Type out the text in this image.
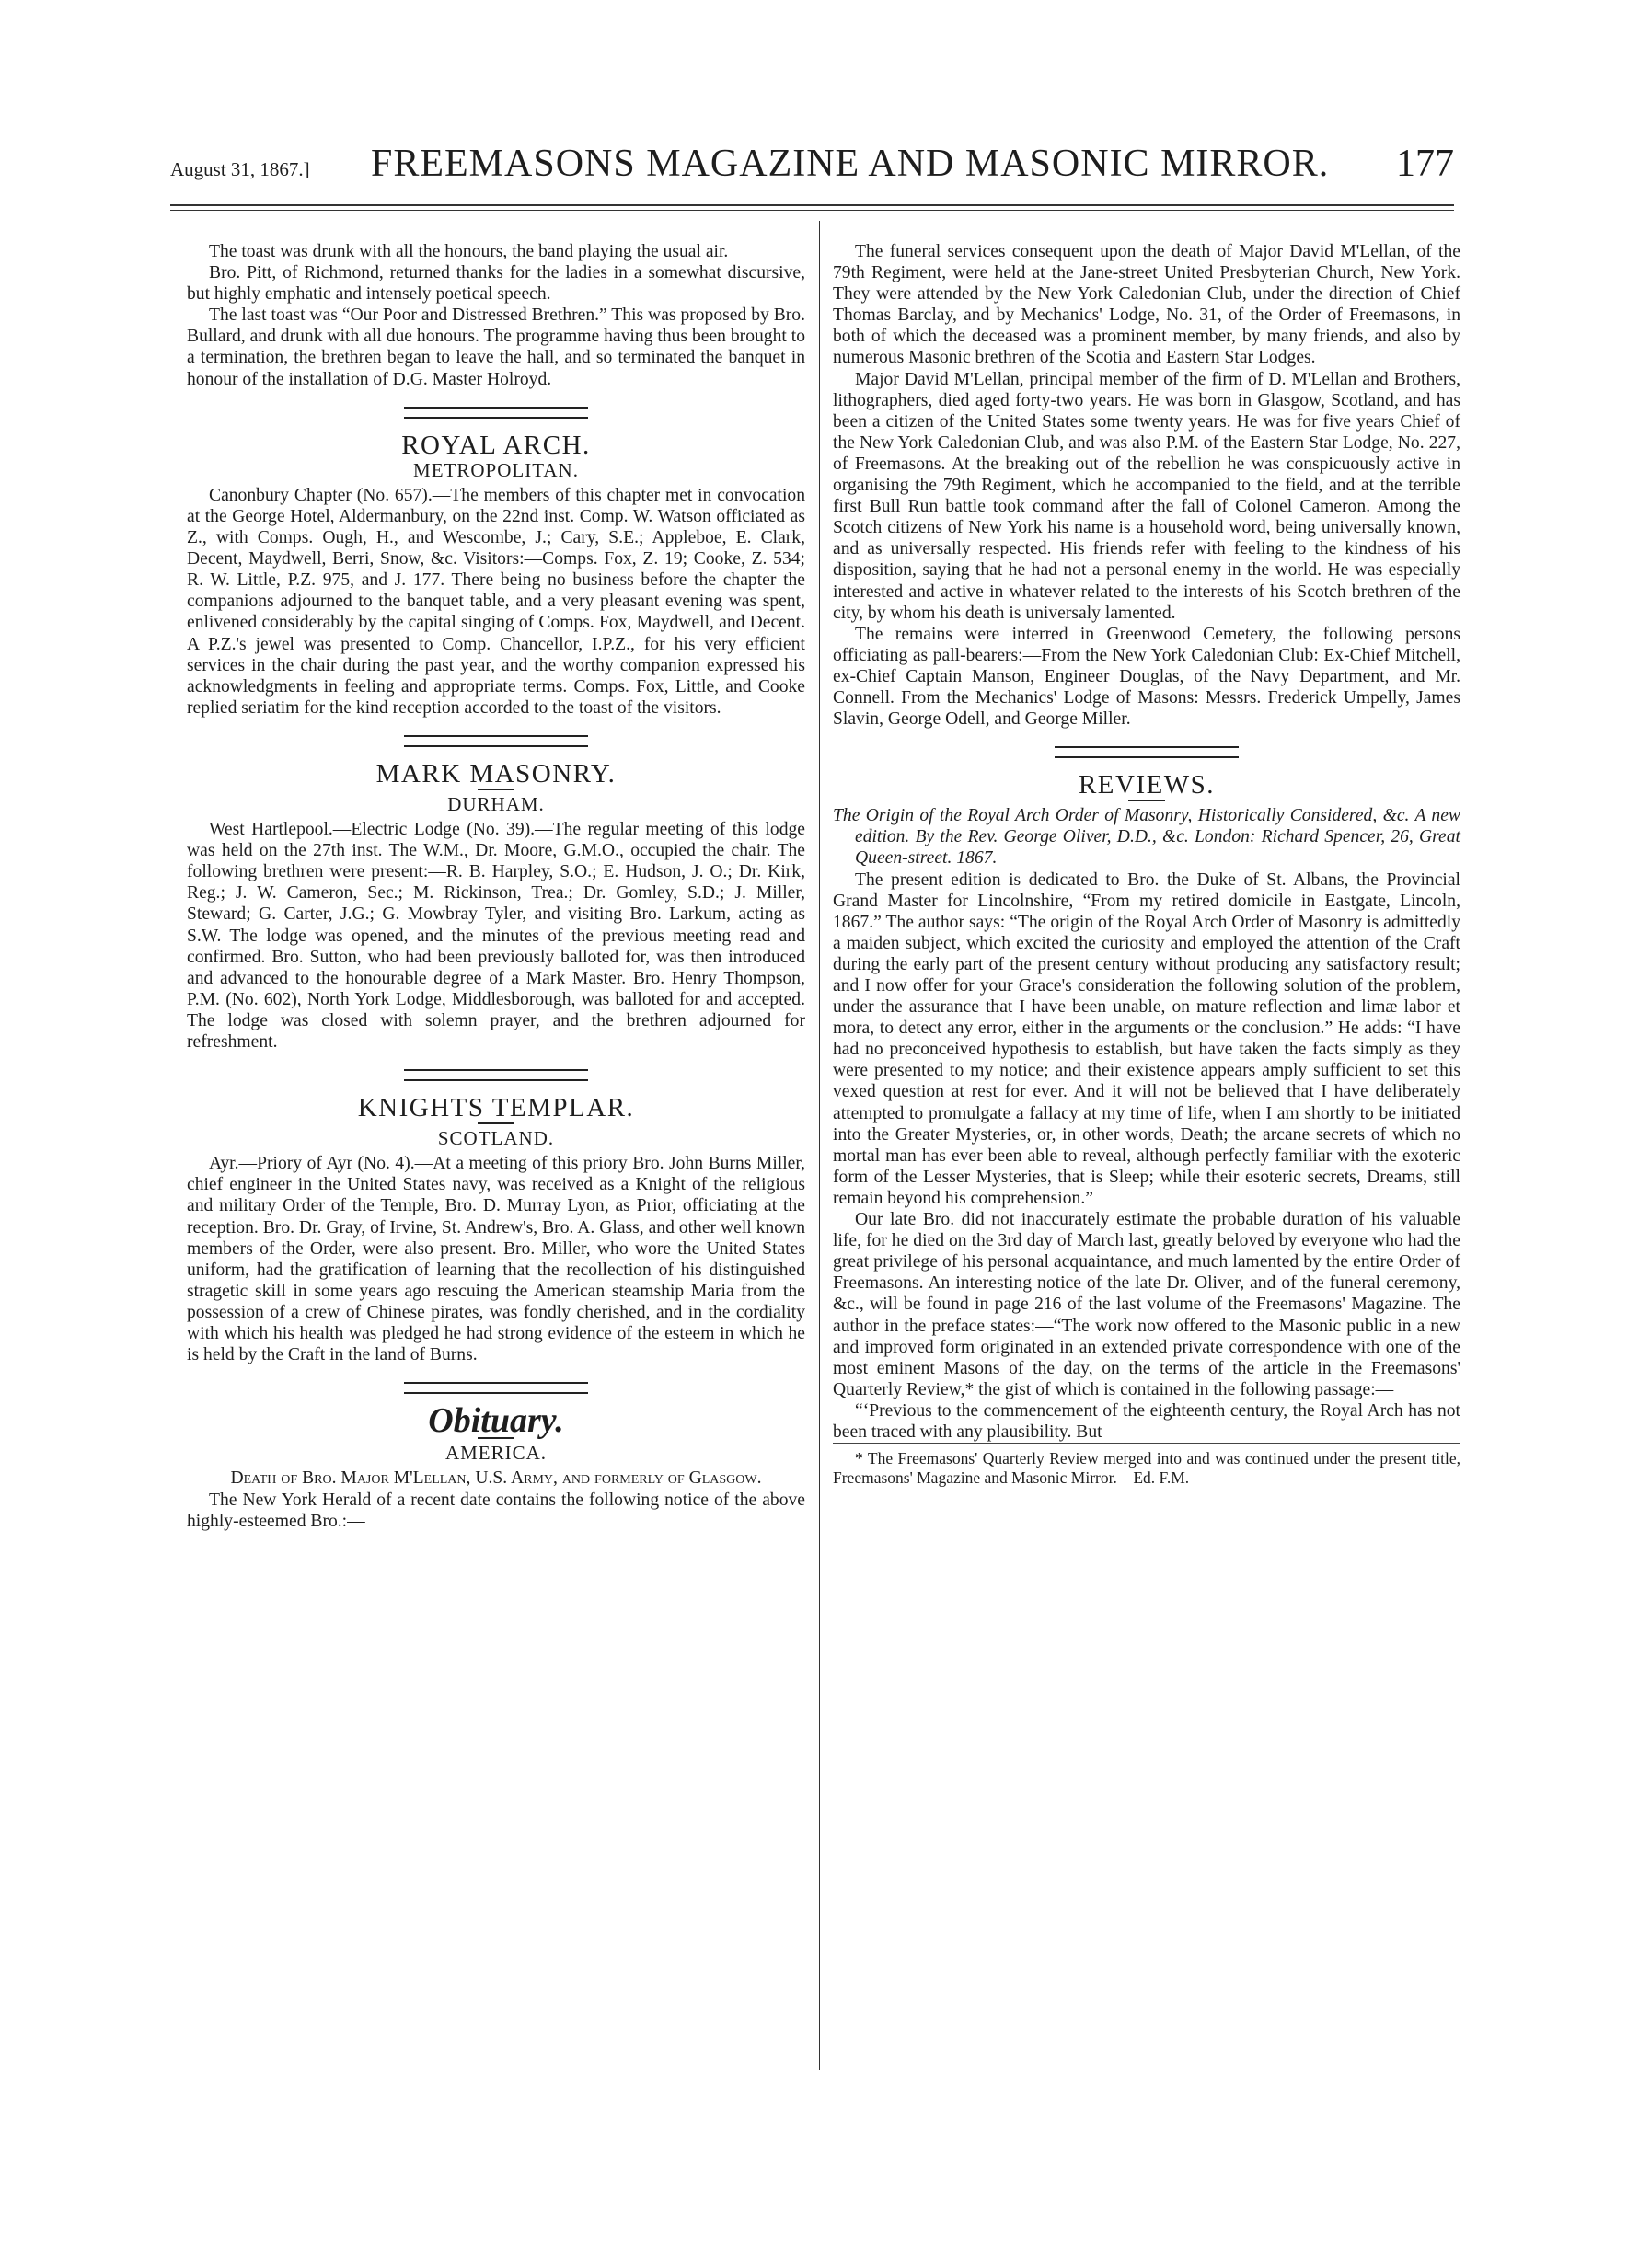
August 31, 1867.] FREEMASONS MAGAZINE AND MASONIC MIRROR. 177

The toast was drunk with all the honours, the band playing the usual air.

Bro. Pitt, of Richmond, returned thanks for the ladies in a somewhat discursive, but highly emphatic and intensely poetical speech.

The last toast was “Our Poor and Distressed Brethren.” This was proposed by Bro. Bullard, and drunk with all due honours. The programme having thus been brought to a termination, the brethren began to leave the hall, and so terminated the banquet in honour of the installation of D.G. Master Holroyd.

ROYAL ARCH.
METROPOLITAN.

Canonbury Chapter (No. 657).—The members of this chapter met in convocation at the George Hotel, Aldermanbury, on the 22nd inst. Comp. W. Watson officiated as Z., with Comps. Ough, H., and Wescombe, J.; Cary, S.E.; Appleboe, E. Clark, Decent, Maydwell, Berri, Snow, &c. Visitors:—Comps. Fox, Z. 19; Cooke, Z. 534; R. W. Little, P.Z. 975, and J. 177. There being no business before the chapter the companions adjourned to the banquet table, and a very pleasant evening was spent, enlivened considerably by the capital singing of Comps. Fox, Maydwell, and Decent. A P.Z.'s jewel was presented to Comp. Chancellor, I.P.Z., for his very efficient services in the chair during the past year, and the worthy companion expressed his acknowledgments in feeling and appropriate terms. Comps. Fox, Little, and Cooke replied seriatim for the kind reception accorded to the toast of the visitors.

MARK MASONRY.
DURHAM.

West Hartlepool.—Electric Lodge (No. 39).—The regular meeting of this lodge was held on the 27th inst. The W.M., Dr. Moore, G.M.O., occupied the chair. The following brethren were present:—R. B. Harpley, S.O.; E. Hudson, J. O.; Dr. Kirk, Reg.; J. W. Cameron, Sec.; M. Rickinson, Trea.; Dr. Gomley, S.D.; J. Miller, Steward; G. Carter, J.G.; G. Mowbray Tyler, and visiting Bro. Larkum, acting as S.W. The lodge was opened, and the minutes of the previous meeting read and confirmed. Bro. Sutton, who had been previously balloted for, was then introduced and advanced to the honourable degree of a Mark Master. Bro. Henry Thompson, P.M. (No. 602), North York Lodge, Middlesborough, was balloted for and accepted. The lodge was closed with solemn prayer, and the brethren adjourned for refreshment.

KNIGHTS TEMPLAR.
SCOTLAND.

Ayr.—Priory of Ayr (No. 4).—At a meeting of this priory Bro. John Burns Miller, chief engineer in the United States navy, was received as a Knight of the religious and military Order of the Temple, Bro. D. Murray Lyon, as Prior, officiating at the reception. Bro. Dr. Gray, of Irvine, St. Andrew's, Bro. A. Glass, and other well known members of the Order, were also present. Bro. Miller, who wore the United States uniform, had the gratification of learning that the recollection of his distinguished stragetic skill in some years ago rescuing the American steamship Maria from the possession of a crew of Chinese pirates, was fondly cherished, and in the cordiality with which his health was pledged he had strong evidence of the esteem in which he is held by the Craft in the land of Burns.

Obituary.
AMERICA.

Death of Bro. Major M'Lellan, U.S. Army, and formerly of Glasgow.

The New York Herald of a recent date contains the following notice of the above highly-esteemed Bro.:—

The funeral services consequent upon the death of Major David M'Lellan, of the 79th Regiment, were held at the Jane-street United Presbyterian Church, New York. They were attended by the New York Caledonian Club, under the direction of Chief Thomas Barclay, and by Mechanics' Lodge, No. 31, of the Order of Freemasons, in both of which the deceased was a prominent member, by many friends, and also by numerous Masonic brethren of the Scotia and Eastern Star Lodges.

Major David M'Lellan, principal member of the firm of D. M'Lellan and Brothers, lithographers, died aged forty-two years. He was born in Glasgow, Scotland, and has been a citizen of the United States some twenty years. He was for five years Chief of the New York Caledonian Club, and was also P.M. of the Eastern Star Lodge, No. 227, of Freemasons. At the breaking out of the rebellion he was conspicuously active in organising the 79th Regiment, which he accompanied to the field, and at the terrible first Bull Run battle took command after the fall of Colonel Cameron. Among the Scotch citizens of New York his name is a household word, being universally known, and as universally respected. His friends refer with feeling to the kindness of his disposition, saying that he had not a personal enemy in the world. He was especially interested and active in whatever related to the interests of his Scotch brethren of the city, by whom his death is universaly lamented.

The remains were interred in Greenwood Cemetery, the following persons officiating as pall-bearers:—From the New York Caledonian Club: Ex-Chief Mitchell, ex-Chief Captain Manson, Engineer Douglas, of the Navy Department, and Mr. Connell. From the Mechanics' Lodge of Masons: Messrs. Frederick Umpelly, James Slavin, George Odell, and George Miller.

REVIEWS.

The Origin of the Royal Arch Order of Masonry, Historically Considered, &c. A new edition. By the Rev. George Oliver, D.D., &c. London: Richard Spencer, 26, Great Queen-street. 1867.

The present edition is dedicated to Bro. the Duke of St. Albans, the Provincial Grand Master for Lincolnshire, “From my retired domicile in Eastgate, Lincoln, 1867.” The author says: “The origin of the Royal Arch Order of Masonry is admittedly a maiden subject, which excited the curiosity and employed the attention of the Craft during the early part of the present century without producing any satisfactory result; and I now offer for your Grace's consideration the following solution of the problem, under the assurance that I have been unable, on mature reflection and limæ labor et mora, to detect any error, either in the arguments or the conclusion.” He adds: “I have had no preconceived hypothesis to establish, but have taken the facts simply as they were presented to my notice; and their existence appears amply sufficient to set this vexed question at rest for ever. And it will not be believed that I have deliberately attempted to promulgate a fallacy at my time of life, when I am shortly to be initiated into the Greater Mysteries, or, in other words, Death; the arcane secrets of which no mortal man has ever been able to reveal, although perfectly familiar with the exoteric form of the Lesser Mysteries, that is Sleep; while their esoteric secrets, Dreams, still remain beyond his comprehension.”

Our late Bro. did not inaccurately estimate the probable duration of his valuable life, for he died on the 3rd day of March last, greatly beloved by everyone who had the great privilege of his personal acquaintance, and much lamented by the entire Order of Freemasons. An interesting notice of the late Dr. Oliver, and of the funeral ceremony, &c., will be found in page 216 of the last volume of the Freemasons' Magazine. The author in the preface states:—“The work now offered to the Masonic public in a new and improved form originated in an extended private correspondence with one of the most eminent Masons of the day, on the terms of the article in the Freemasons' Quarterly Review,* the gist of which is contained in the following passage:—

“‘Previous to the commencement of the eighteenth century, the Royal Arch has not been traced with any plausibility. But

* The Freemasons' Quarterly Review merged into and was continued under the present title, Freemasons' Magazine and Masonic Mirror.—Ed. F.M.
